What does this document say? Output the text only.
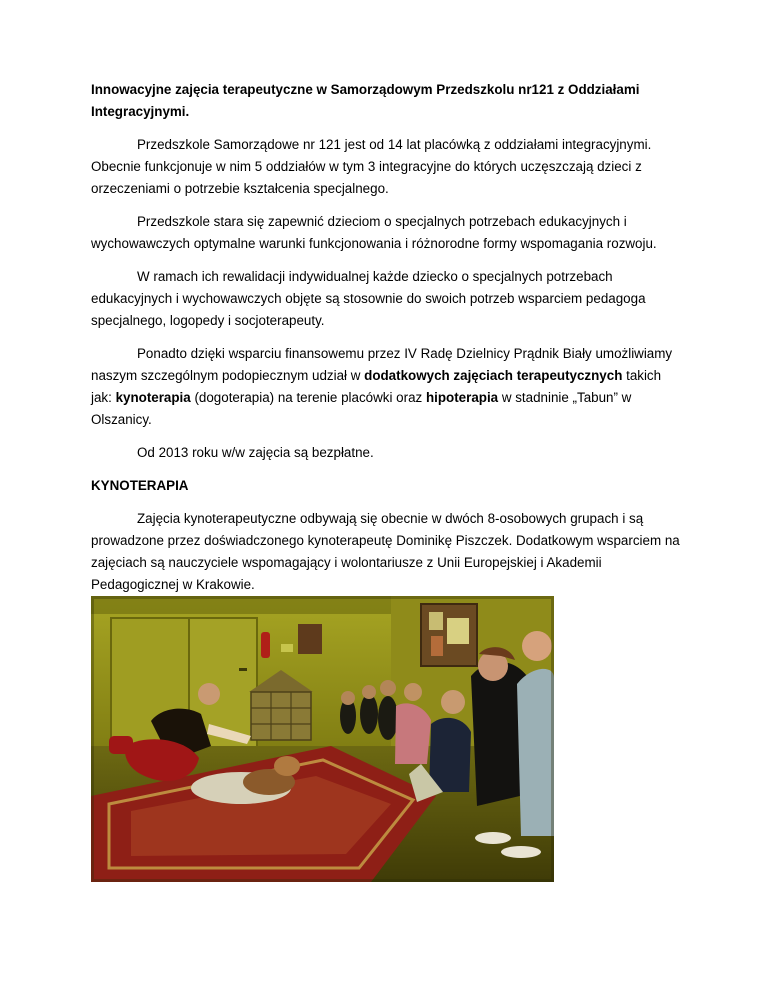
Innowacyjne zajęcia terapeutyczne w Samorządowym Przedszkolu nr121 z Oddziałami Integracyjnymi.

Przedszkole Samorządowe nr 121 jest od 14 lat placówką z oddziałami integracyjnymi. Obecnie funkcjonuje w nim 5 oddziałów w tym 3 integracyjne do których uczęszczają dzieci z orzeczeniami o potrzebie kształcenia specjalnego.

Przedszkole stara się zapewnić dzieciom o specjalnych potrzebach edukacyjnych i wychowawczych optymalne warunki funkcjonowania i różnorodne formy wspomagania rozwoju.

W ramach ich rewalidacji indywidualnej każde dziecko o specjalnych potrzebach edukacyjnych i wychowawczych objęte są stosownie do swoich potrzeb wsparciem pedagoga specjalnego, logopedy i socjoterapeuty.

Ponadto dzięki wsparciu finansowemu przez IV Radę Dzielnicy Prądnik Biały umożliwiamy naszym szczególnym podopiecznym udział w dodatkowych zajęciach terapeutycznych takich jak: kynoterapia (dogoterapia) na terenie placówki oraz hipoterapia w stadninie „Tabun” w Olszanicy.

Od 2013 roku w/w zajęcia są bezpłatne.

KYNOTERAPIA

Zajęcia kynoterapeutyczne odbywają się obecnie w dwóch 8-osobowych grupach i są prowadzone przez doświadczonego kynoterapeutę Dominikę Piszczek. Dodatkowym wsparciem na zajęciach są nauczyciele wspomagający i wolontariusze z Unii Europejskiej i Akademii Pedagogicznej w Krakowie.
